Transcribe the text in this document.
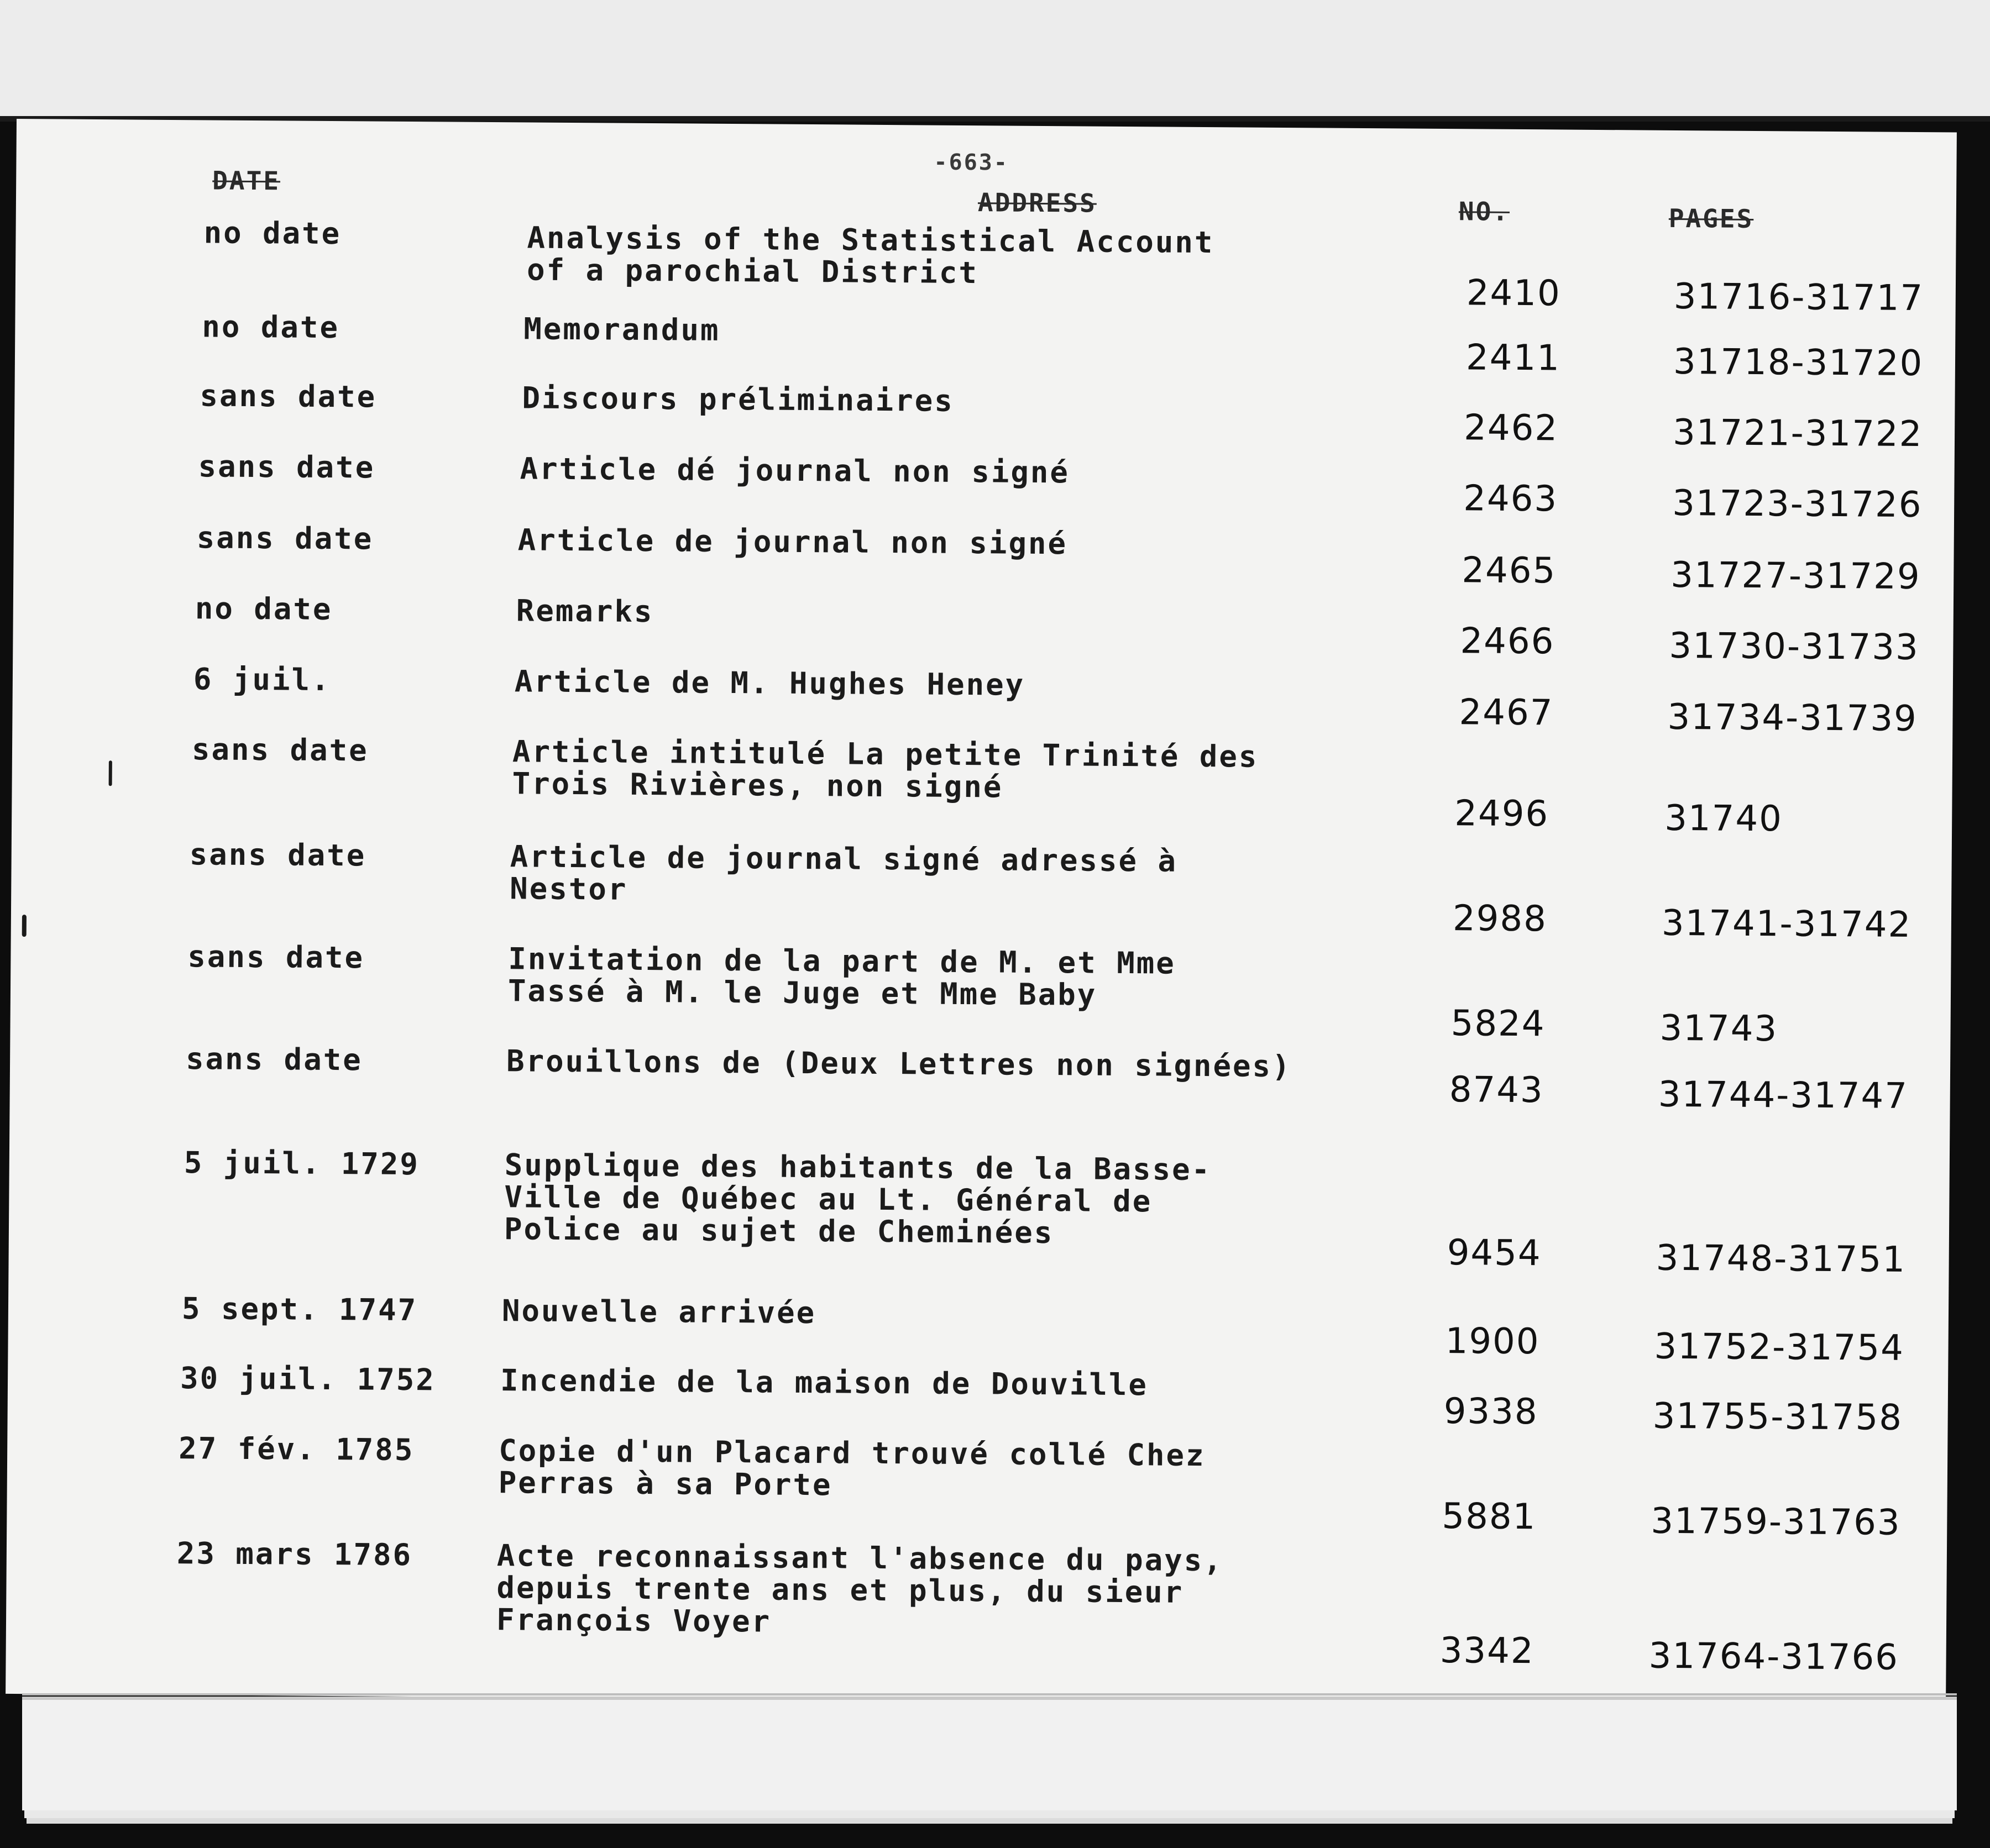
-663-
DATE
ADDRESS	NO.	PAGES
no date	Analysis of the Statistical Account
of a parochial District
2410	31716-31717
no date	Memorandum
2411	31718-31720
sans date	Discours préliminaires
2462	31721-31722
sans date	Article dé journal non signé
2463	31723-31726
sans date	Article de journal non signé
2465	31727-31729
no date	Remarks
2466	31730-31733
6 juil.	Article de M. Hughes Heney
2467	31734-31739
sans date	Article intitulé La petite Trinité des
Trois Rivières, non signé
2496	31740
sans date	Article de journal signé adressé à
Nestor
2988	31741-31742
sans date	Invitation de la part de M. et Mme
Tassé à M. le Juge et Mme Baby
5824	31743
sans date	Brouillons de (Deux Lettres non signées)
8743	31744-31747
5 juil. 1729	Supplique des habitants de la Basse-
Ville de Québec au Lt. Général de
Police au sujet de Cheminées
9454	31748-31751
5 sept. 1747	Nouvelle arrivée
1900	31752-31754
30 juil. 1752 Incendie de la maison de Douville
9338	31755-31758
27 fév. 1785	Copie d'un Placard trouvé collé Chez
Perras à sa Porte
5881	31759-31763
23 mars 1786	Acte reconnaissant l'absence du pays,
depuis trente ans et plus, du sieur
François Voyer
3342	31764-31766
